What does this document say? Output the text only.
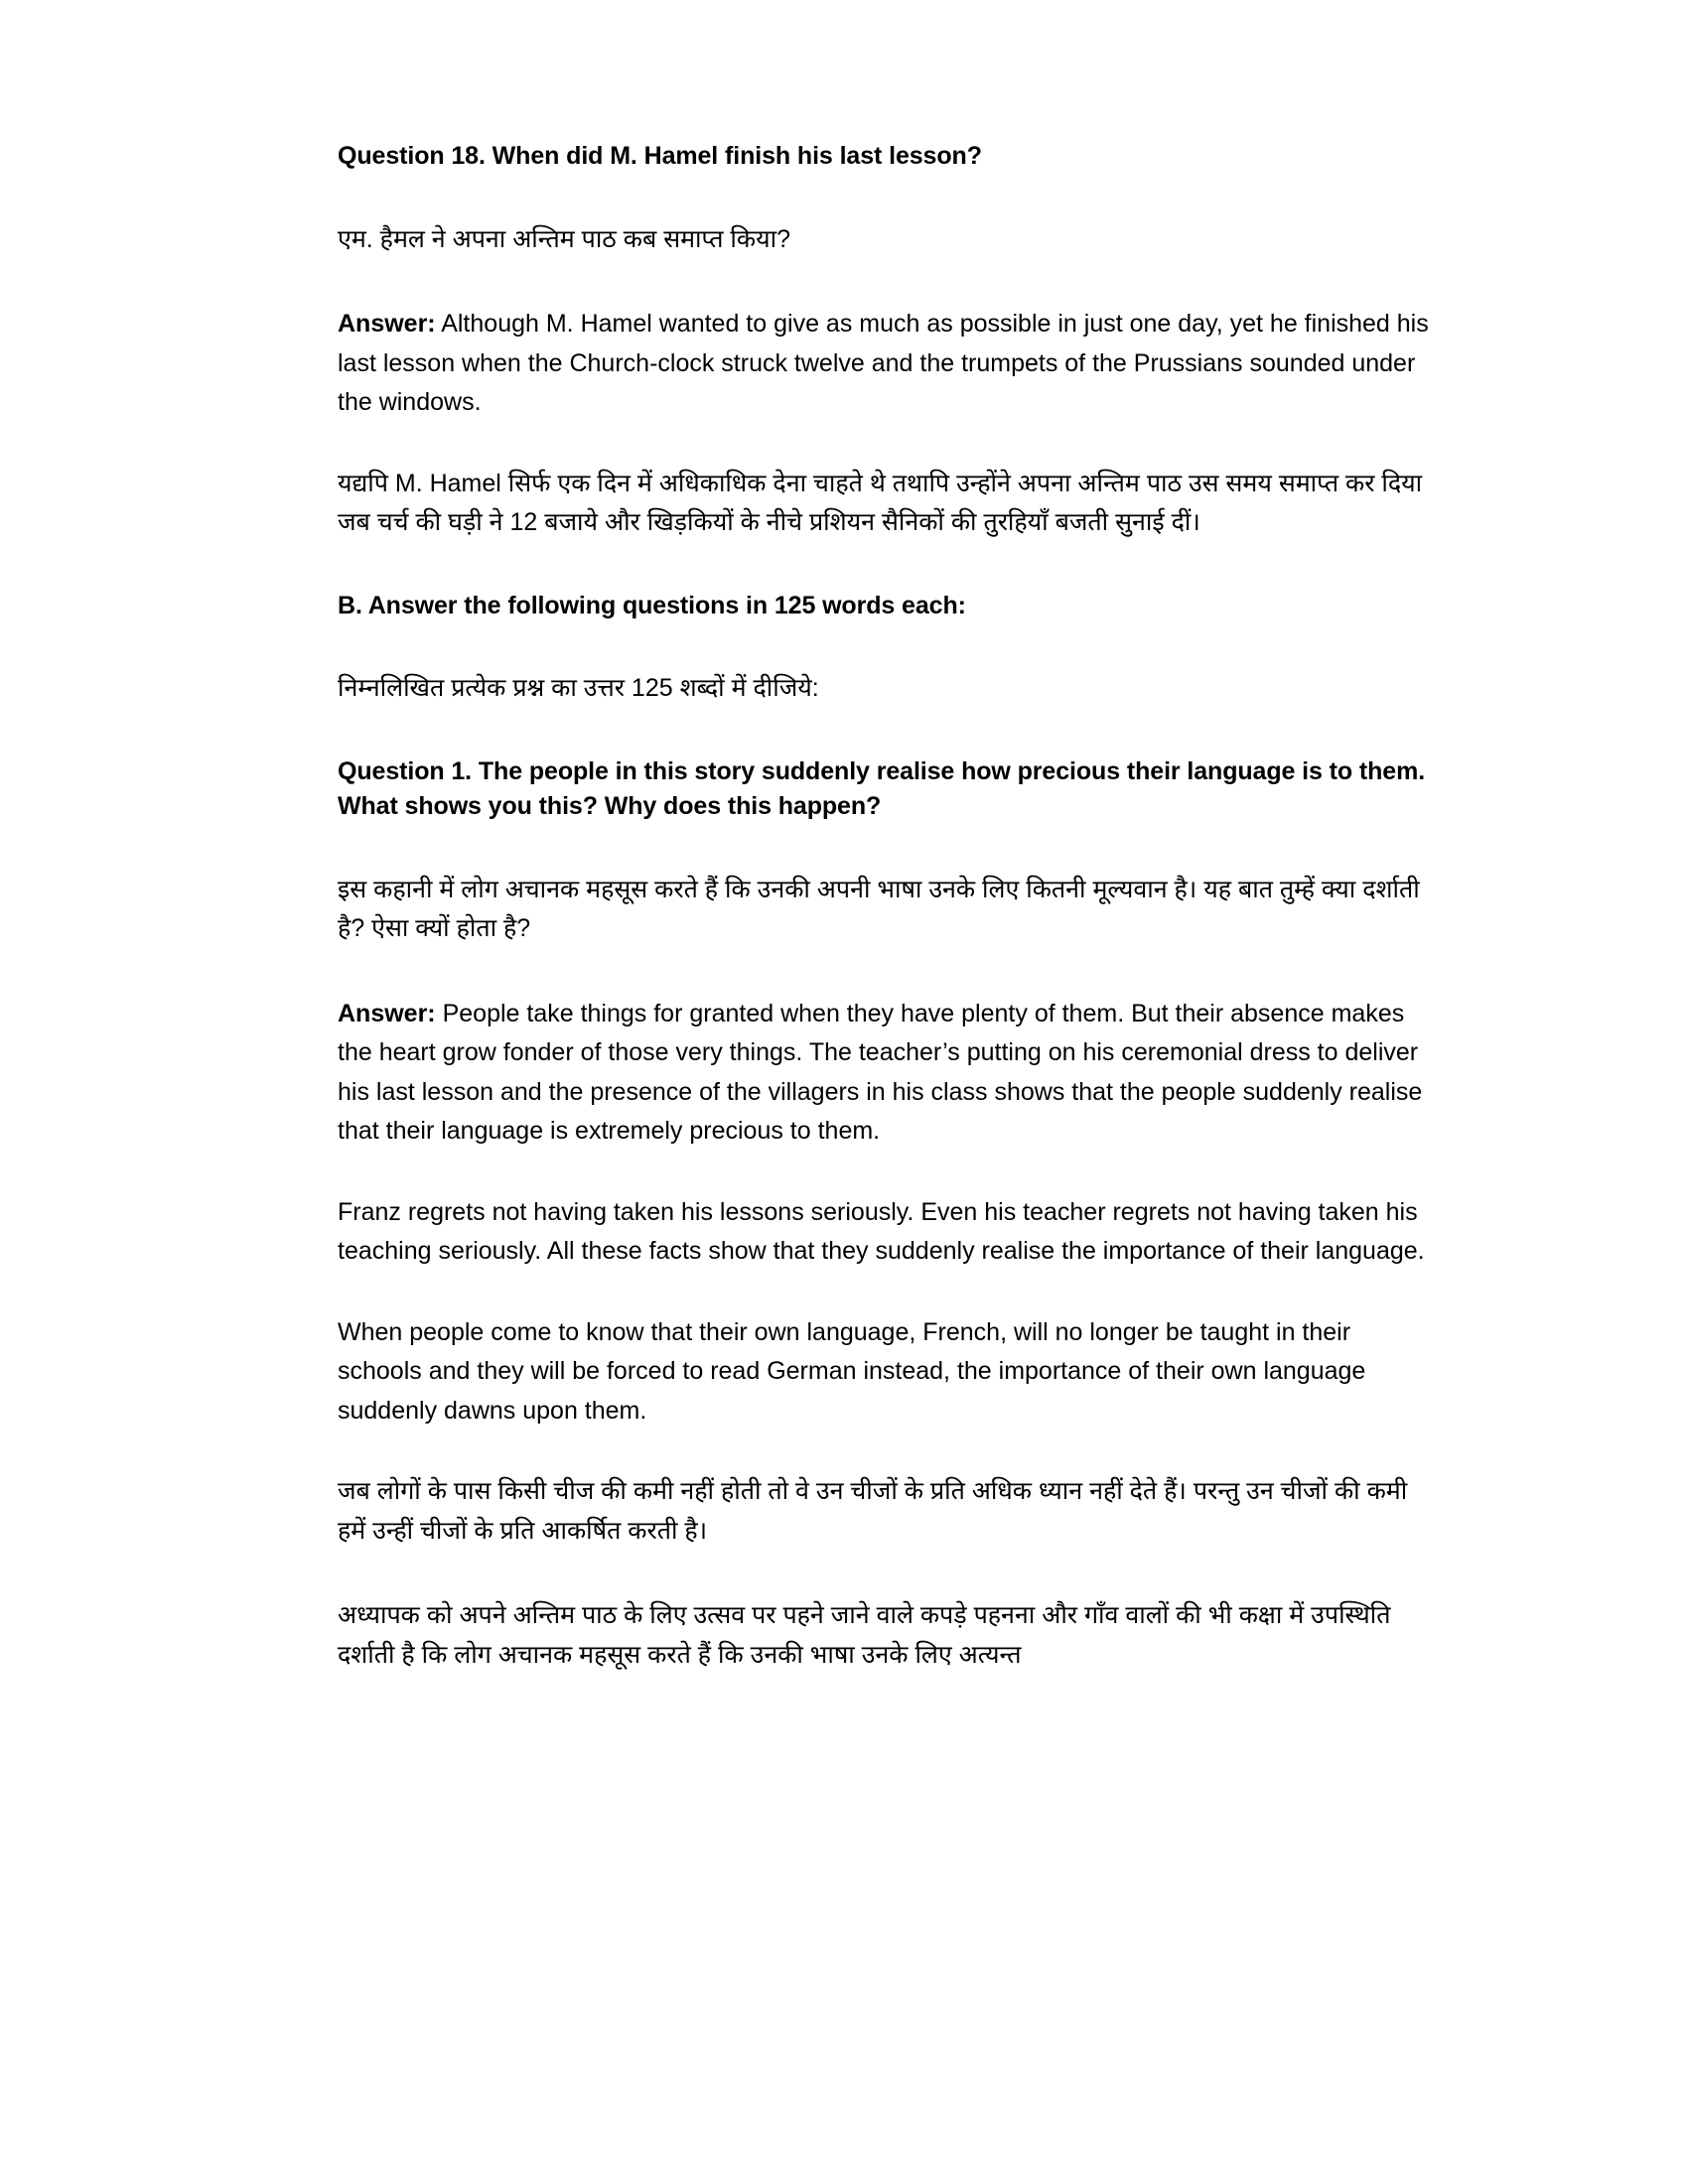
Question 18. When did M. Hamel finish his last lesson?

एम. हैमल ने अपना अन्तिम पाठ कब समाप्त किया?

Answer: Although M. Hamel wanted to give as much as possible in just one day, yet he finished his last lesson when the Church-clock struck twelve and the trumpets of the Prussians sounded under the windows.

यद्यपि M. Hamel सिर्फ एक दिन में अधिकाधिक देना चाहते थे तथापि उन्होंने अपना अन्तिम पाठ उस समय समाप्त कर दिया जब चर्च की घड़ी ने 12 बजाये और खिड़कियों के नीचे प्रशियन सैनिकों की तुरहियाँ बजती सुनाई दीं।

B. Answer the following questions in 125 words each:

निम्नलिखित प्रत्येक प्रश्न का उत्तर 125 शब्दों में दीजिये:

Question 1. The people in this story suddenly realise how precious their language is to them. What shows you this? Why does this happen?

इस कहानी में लोग अचानक महसूस करते हैं कि उनकी अपनी भाषा उनके लिए कितनी मूल्यवान है। यह बात तुम्हें क्या दर्शाती है? ऐसा क्यों होता है?

Answer: People take things for granted when they have plenty of them. But their absence makes the heart grow fonder of those very things. The teacher’s putting on his ceremonial dress to deliver his last lesson and the presence of the villagers in his class shows that the people suddenly realise that their language is extremely precious to them.

Franz regrets not having taken his lessons seriously. Even his teacher regrets not having taken his teaching seriously. All these facts show that they suddenly realise the importance of their language.

When people come to know that their own language, French, will no longer be taught in their schools and they will be forced to read German instead, the importance of their own language suddenly dawns upon them.

जब लोगों के पास किसी चीज की कमी नहीं होती तो वे उन चीजों के प्रति अधिक ध्यान नहीं देते हैं। परन्तु उन चीजों की कमी हमें उन्हीं चीजों के प्रति आकर्षित करती है।

अध्यापक को अपने अन्तिम पाठ के लिए उत्सव पर पहने जाने वाले कपड़े पहनना और गाँव वालों की भी कक्षा में उपस्थिति दर्शाती है कि लोग अचानक महसूस करते हैं कि उनकी भाषा उनके लिए अत्यन्त
